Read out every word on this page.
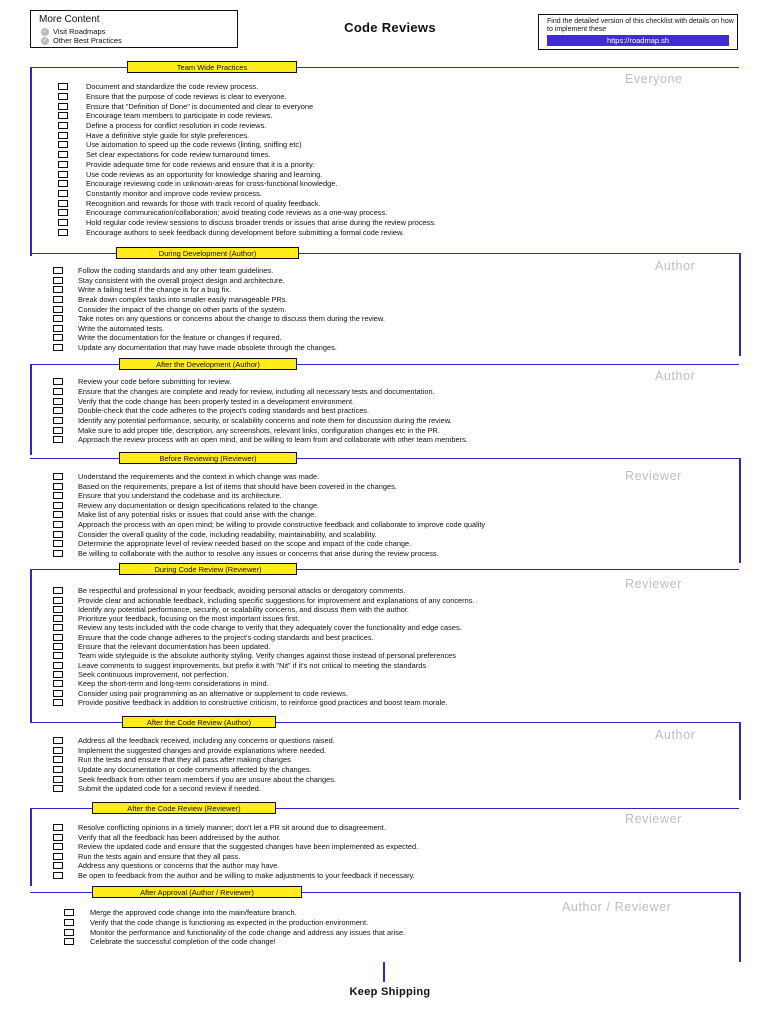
More Content
✓ Visit Roadmaps
✓ Other Best Practices
Code Reviews	Find the detailed version of this checklist with details on how to implement these
https://roadmap.sh
Team Wide Practices
Everyone
Document and standardize the code review process.
Ensure that the purpose of code reviews is clear to everyone.
Ensure that "Definition of Done" is documented and clear to everyone
Encourage team members to participate in code reviews.
Define a process for conflict resolution in code reviews.
Have a definitive style guide for style preferences.
Use automation to speed up the code reviews (linting, sniffing etc)
Set clear expectations for code review turnaround times.
Provide adequate time for code reviews and ensure that it is a priority.
Use code reviews as an opportunity for knowledge sharing and learning.
Encourage reviewing code in unknown-areas for cross-functional knowledge.
Constantly monitor and improve code review process.
Recognition and rewards for those with track record of quality feedback.
Encourage communication/collaboration; avoid treating code reviews as a one-way process.
Hold regular code review sessions to discuss broader trends or issues that arise during the review process.
Encourage authors to seek feedback during development before submitting a formal code review.
During Development (Author)
Author
Follow the coding standards and any other team guidelines.
Stay consistent with the overall project design and architecture.
Write a failing test if the change is for a bug fix.
Break down complex tasks into smaller easily manageable PRs.
Consider the impact of the change on other parts of the system.
Take notes on any questions or concerns about the change to discuss them during the review.
Write the automated tests.
Write the documentation for the feature or changes if required.
Update any documentation that may have made obsolete through the changes.
After the Development (Author)
Author
Review your code before submitting for review.
Ensure that the changes are complete and ready for review, including all necessary tests and documentation.
Verify that the code change has been properly tested in a development environment.
Double-check that the code adheres to the project's coding standards and best practices.
Identify any potential performance, security, or scalability concerns and note them for discussion during the review.
Make sure to add proper title, description, any screenshots, relevant links, configuration changes etc in the PR.
Approach the review process with an open mind, and be willing to learn from and collaborate with other team members.
Before Reviewing (Reviewer)
Reviewer
Understand the requirements and the context in which change was made.
Based on the requirements, prepare a list of items that should have been covered in the changes.
Ensure that you understand the codebase and its architecture.
Review any documentation or design specifications related to the change.
Make list of any potential risks or issues that could arise with the change.
Approach the process with an open mind; be willing to provide constructive feedback and collaborate to improve code quality
Consider the overall quality of the code, including readability, maintainability, and scalability.
Determine the appropriate level of review needed based on the scope and impact of the code change.
Be willing to collaborate with the author to resolve any issues or concerns that arise during the review process.
During Code Review (Reviewer)
Reviewer
Be respectful and professional in your feedback, avoiding personal attacks or derogatory comments.
Provide clear and actionable feedback, including specific suggestions for improvement and explanations of any concerns.
Identify any potential performance, security, or scalability concerns, and discuss them with the author.
Prioritize your feedback, focusing on the most important issues first.
Review any tests included with the code change to verify that they adequately cover the functionality and edge cases.
Ensure that the code change adheres to the project's coding standards and best practices.
Ensure that the relevant documentation has been updated.
Team wide styleguide is the absolute authority styling. Verify changes against those instead of personal preferences
Leave comments to suggest improvements, but prefix it with "Nit" if it's not critical to meeting the standards
Seek continuous improvement, not perfection.
Keep the short-term and long-term considerations in mind.
Consider using pair programming as an alternative or supplement to code reviews.
Provide positive feedback in addition to constructive criticism, to reinforce good practices and boost team morale.
After the Code Review (Author)
Author
Address all the feedback received, including any concerns or questions raised.
Implement the suggested changes and provide explanations where needed.
Run the tests and ensure that they all pass after making changes
Update any documentation or code comments affected by the changes.
Seek feedback from other team members if you are unsure about the changes.
Submit the updated code for a second review if needed.
After the Code Review (Reviewer)
Reviewer
Resolve conflicting opinions in a timely manner; don't let a PR sit around due to disagreement.
Verify that all the feedback has been addressed by the author.
Review the updated code and ensure that the suggested changes have been implemented as expected.
Run the tests again and ensure that they all pass.
Address any questions or concerns that the author may have.
Be open to feedback from the author and be willing to make adjustments to your feedback if necessary.
After Approval (Author / Reviewer)
Author / Reviewer
Merge the approved code change into the main/feature branch.
Verify that the code change is functioning as expected in the production environment.
Monitor the performance and functionality of the code change and address any issues that arise.
Celebrate the successful completion of the code change!
Keep Shipping
